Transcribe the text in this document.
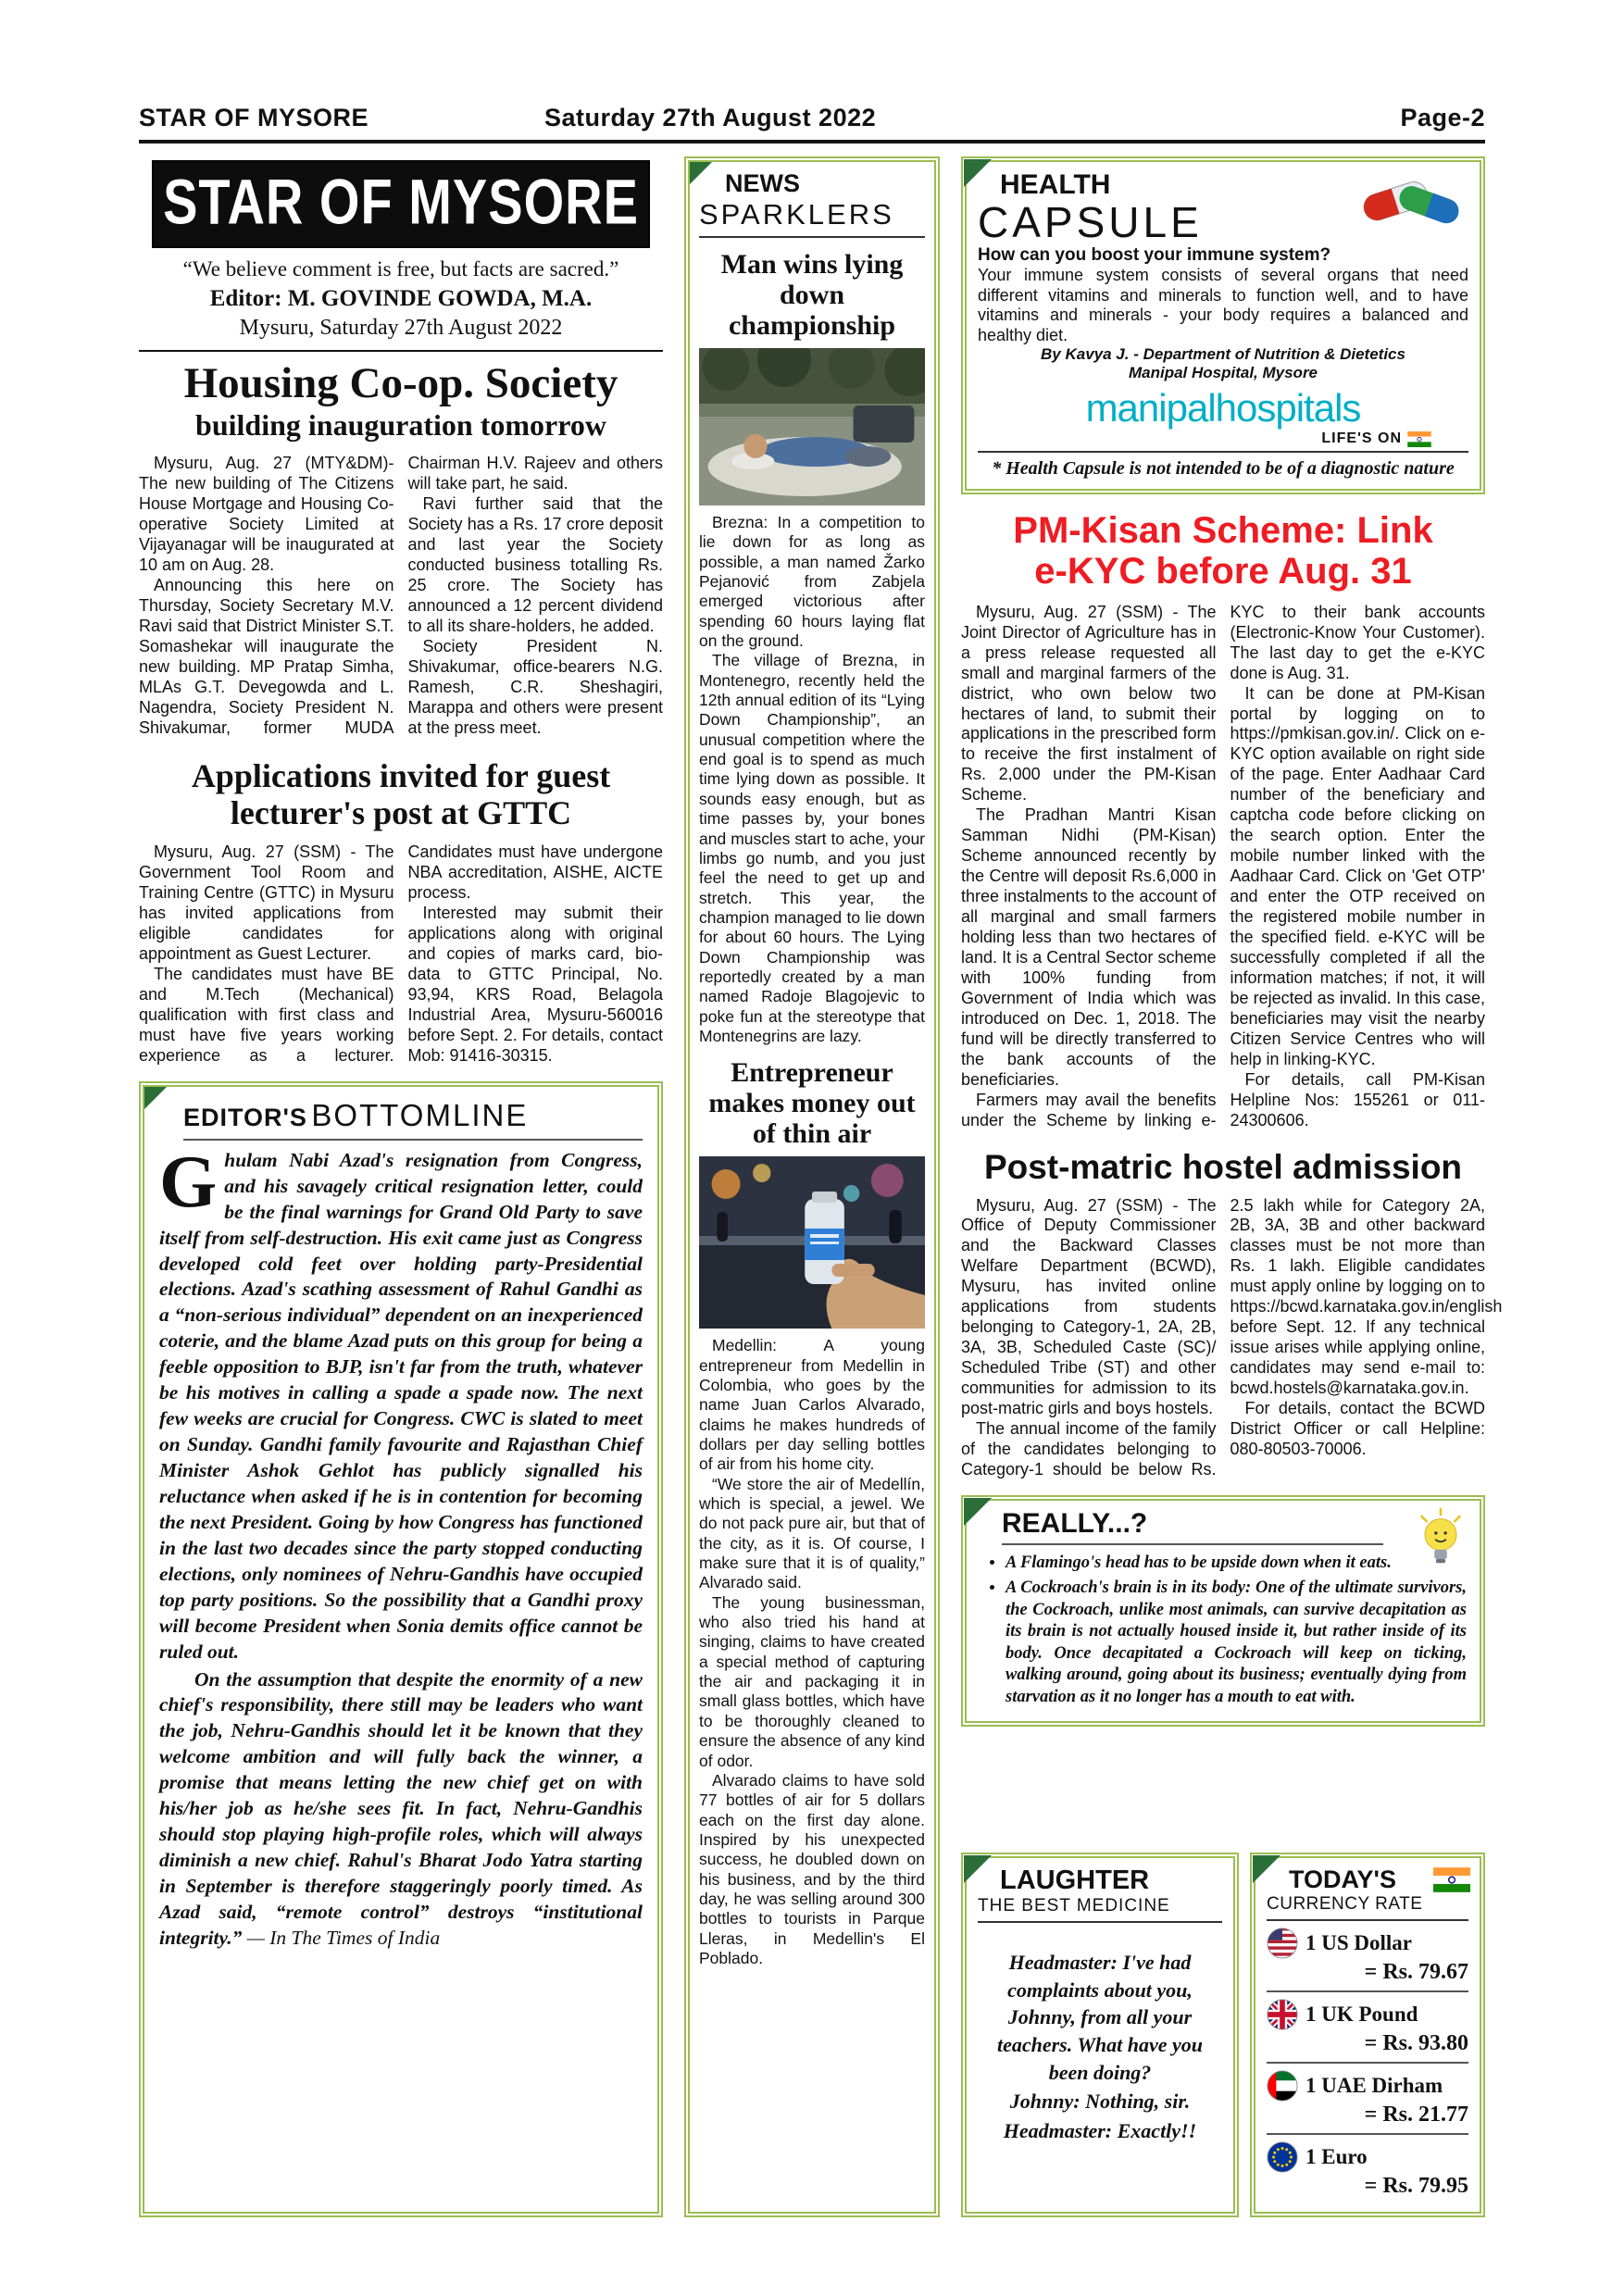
STAR OF MYSORE	Saturday 27th August 2022	Page-2
STAR OF MYSORE
“We believe comment is free, but facts are sacred.”
Editor: M. GOVINDE GOWDA, M.A.
Mysuru, Saturday 27th August 2022
Housing Co-op. Society
building inauguration tomorrow

Mysuru, Aug. 27 (MTY&DM)- The new building of The Citizens House Mortgage and Housing Co-operative Society Limited at Vijayanagar will be inaugurated at 10 am on Aug. 28.

Announcing this here on Thursday, Society Secretary M.V. Ravi said that District Minister S.T. Somashekar will inaugurate the new building. MP Pratap Simha, MLAs G.T. Devegowda and L. Nagendra, Society President N. Shivakumar, former MUDA Chairman H.V. Rajeev and others will take part, he said.

Ravi further said that the Society has a Rs. 17 crore deposit and last year the Society conducted business totalling Rs. 25 crore. The Society has announced a 12 percent dividend to all its share-holders, he added.

Society President N. Shivakumar, office-bearers N.G. Ramesh, C.R. Sheshagiri, Marappa and others were present at the press meet.

Applications invited for guest
lecturer's post at GTTC

Mysuru, Aug. 27 (SSM) - The Government Tool Room and Training Centre (GTTC) in Mysuru has invited applications from eligible candidates for appointment as Guest Lecturer.

The candidates must have BE and M.Tech (Mechanical) qualification with first class and must have five years working experience as a lecturer. Candidates must have undergone NBA accreditation, AISHE, AICTE process.

Interested may submit their applications along with original and copies of marks card, bio-data to GTTC Principal, No. 93,94, KRS Road, Belagola Industrial Area, Mysuru-560016 before Sept. 2. For details, contact Mob: 91416-30315.

EDITOR'S BOTTOMLINE

Ghulam Nabi Azad's resignation from Congress, and his savagely critical resignation letter, could be the final warnings for Grand Old Party to save itself from self-destruction. His exit came just as Congress developed cold feet over holding party-Presidential elections. Azad's scathing assessment of Rahul Gandhi as a “non-serious individual” dependent on an inexperienced coterie, and the blame Azad puts on this group for being a feeble opposition to BJP, isn't far from the truth, whatever be his motives in calling a spade a spade now. The next few weeks are crucial for Congress. CWC is slated to meet on Sunday. Gandhi family favourite and Rajasthan Chief Minister Ashok Gehlot has publicly signalled his reluctance when asked if he is in contention for becoming the next President. Going by how Congress has functioned in the last two decades since the party stopped conducting elections, only nominees of Nehru-Gandhis have occupied top party positions. So the possibility that a Gandhi proxy will become President when Sonia demits office cannot be ruled out.

On the assumption that despite the enormity of a new chief's responsibility, there still may be leaders who want the job, Nehru-Gandhis should let it be known that they welcome ambition and will fully back the winner, a promise that means letting the new chief get on with his/her job as he/she sees fit. In fact, Nehru-Gandhis should stop playing high-profile roles, which will always diminish a new chief. Rahul's Bharat Jodo Yatra starting in September is therefore staggeringly poorly timed. As Azad said, “remote control” destroys “institutional integrity.” — In The Times of India

NEWS
SPARKLERS
Man wins lying down championship

Brezna: In a competition to lie down for as long as possible, a man named Žarko Pejanović from Zabjela emerged victorious after spending 60 hours laying flat on the ground.

The village of Brezna, in Montenegro, recently held the 12th annual edition of its “Lying Down Championship”, an unusual competition where the end goal is to spend as much time lying down as possible. It sounds easy enough, but as time passes by, your bones and muscles start to ache, your limbs go numb, and you just feel the need to get up and stretch. This year, the champion managed to lie down for about 60 hours. The Lying Down Championship was reportedly created by a man named Radoje Blagojevic to poke fun at the stereotype that Montenegrins are lazy.

Entrepreneur makes money out of thin air

Medellin: A young entrepreneur from Medellin in Colombia, who goes by the name Juan Carlos Alvarado, claims he makes hundreds of dollars per day selling bottles of air from his home city.

“We store the air of Medellín, which is special, a jewel. We do not pack pure air, but that of the city, as it is. Of course, I make sure that it is of quality,” Alvarado said.

The young businessman, who also tried his hand at singing, claims to have created a special method of capturing the air and packaging it in small glass bottles, which have to be thoroughly cleaned to ensure the absence of any kind of odor.

Alvarado claims to have sold 77 bottles of air for 5 dollars each on the first day alone. Inspired by his unexpected success, he doubled down on his business, and by the third day, he was selling around 300 bottles to tourists in Parque Lleras, in Medellin's El Poblado.

HEALTH
CAPSULE
How can you boost your immune system?
Your immune system consists of several organs that need different vitamins and minerals to function well, and to have vitamins and minerals - your body requires a balanced and healthy diet.
By Kavya J. - Department of Nutrition & Dietetics
Manipal Hospital, Mysore
manipalhospitals
LIFE'S ON
* Health Capsule is not intended to be of a diagnostic nature
PM-Kisan Scheme: Link
e-KYC before Aug. 31

Mysuru, Aug. 27 (SSM) - The Joint Director of Agriculture has in a press release requested all small and marginal farmers of the district, who own below two hectares of land, to submit their applications in the prescribed form to receive the first instalment of Rs. 2,000 under the PM-Kisan Scheme.

The Pradhan Mantri Kisan Samman Nidhi (PM-Kisan) Scheme announced recently by the Centre will deposit Rs.6,000 in three instalments to the account of all marginal and small farmers holding less than two hectares of land. It is a Central Sector scheme with 100% funding from Government of India which was introduced on Dec. 1, 2018. The fund will be directly transferred to the bank accounts of the beneficiaries.

Farmers may avail the benefits under the Scheme by linking e-KYC to their bank accounts (Electronic-Know Your Customer). The last day to get the e-KYC done is Aug. 31.

It can be done at PM-Kisan portal by logging on to https://pmkisan.gov.in/. Click on e-KYC option available on right side of the page. Enter Aadhaar Card number of the beneficiary and captcha code before clicking on the search option. Enter the mobile number linked with the Aadhaar Card. Click on 'Get OTP' and enter the OTP received on the registered mobile number in the specified field. e-KYC will be successfully completed if all the information matches; if not, it will be rejected as invalid. In this case, beneficiaries may visit the nearby Citizen Service Centres who will help in linking-KYC.

For details, call PM-Kisan Helpline Nos: 155261 or 011-24300606.

Post-matric hostel admission

Mysuru, Aug. 27 (SSM) - The Office of Deputy Commissioner and the Backward Classes Welfare Department (BCWD), Mysuru, has invited online applications from students belonging to Category-1, 2A, 2B, 3A, 3B, Scheduled Caste (SC)/ Scheduled Tribe (ST) and other communities for admission to its post-matric girls and boys hostels.

The annual income of the family of the candidates belonging to Category-1 should be below Rs. 2.5 lakh while for Category 2A, 2B, 3A, 3B and other backward classes must be not more than Rs. 1 lakh. Eligible candidates must apply online by logging on to https://bcwd.karnataka.gov.in/english before Sept. 12. If any technical issue arises while applying online, candidates may send e-mail to: bcwd.hostels@karnataka.gov.in.

For details, contact the BCWD District Officer or call Helpline: 080-80503-70006.

REALLY...?
• A Flamingo's head has to be upside down when it eats.
• A Cockroach's brain is in its body: One of the ultimate survivors, the Cockroach, unlike most animals, can survive decapitation as its brain is not actually housed inside it, but rather inside of its body. Once decapitated a Cockroach will keep on ticking, walking around, going about its business; eventually dying from starvation as it no longer has a mouth to eat with.
LAUGHTER
THE BEST MEDICINE

Headmaster: I've had complaints about you, Johnny, from all your teachers. What have you been doing?

Johnny: Nothing, sir.

Headmaster: Exactly!!

TODAY'S
CURRENCY RATE
1 US Dollar
= Rs. 79.67
1 UK Pound
= Rs. 93.80
1 UAE Dirham
= Rs. 21.77
1 Euro
= Rs. 79.95
